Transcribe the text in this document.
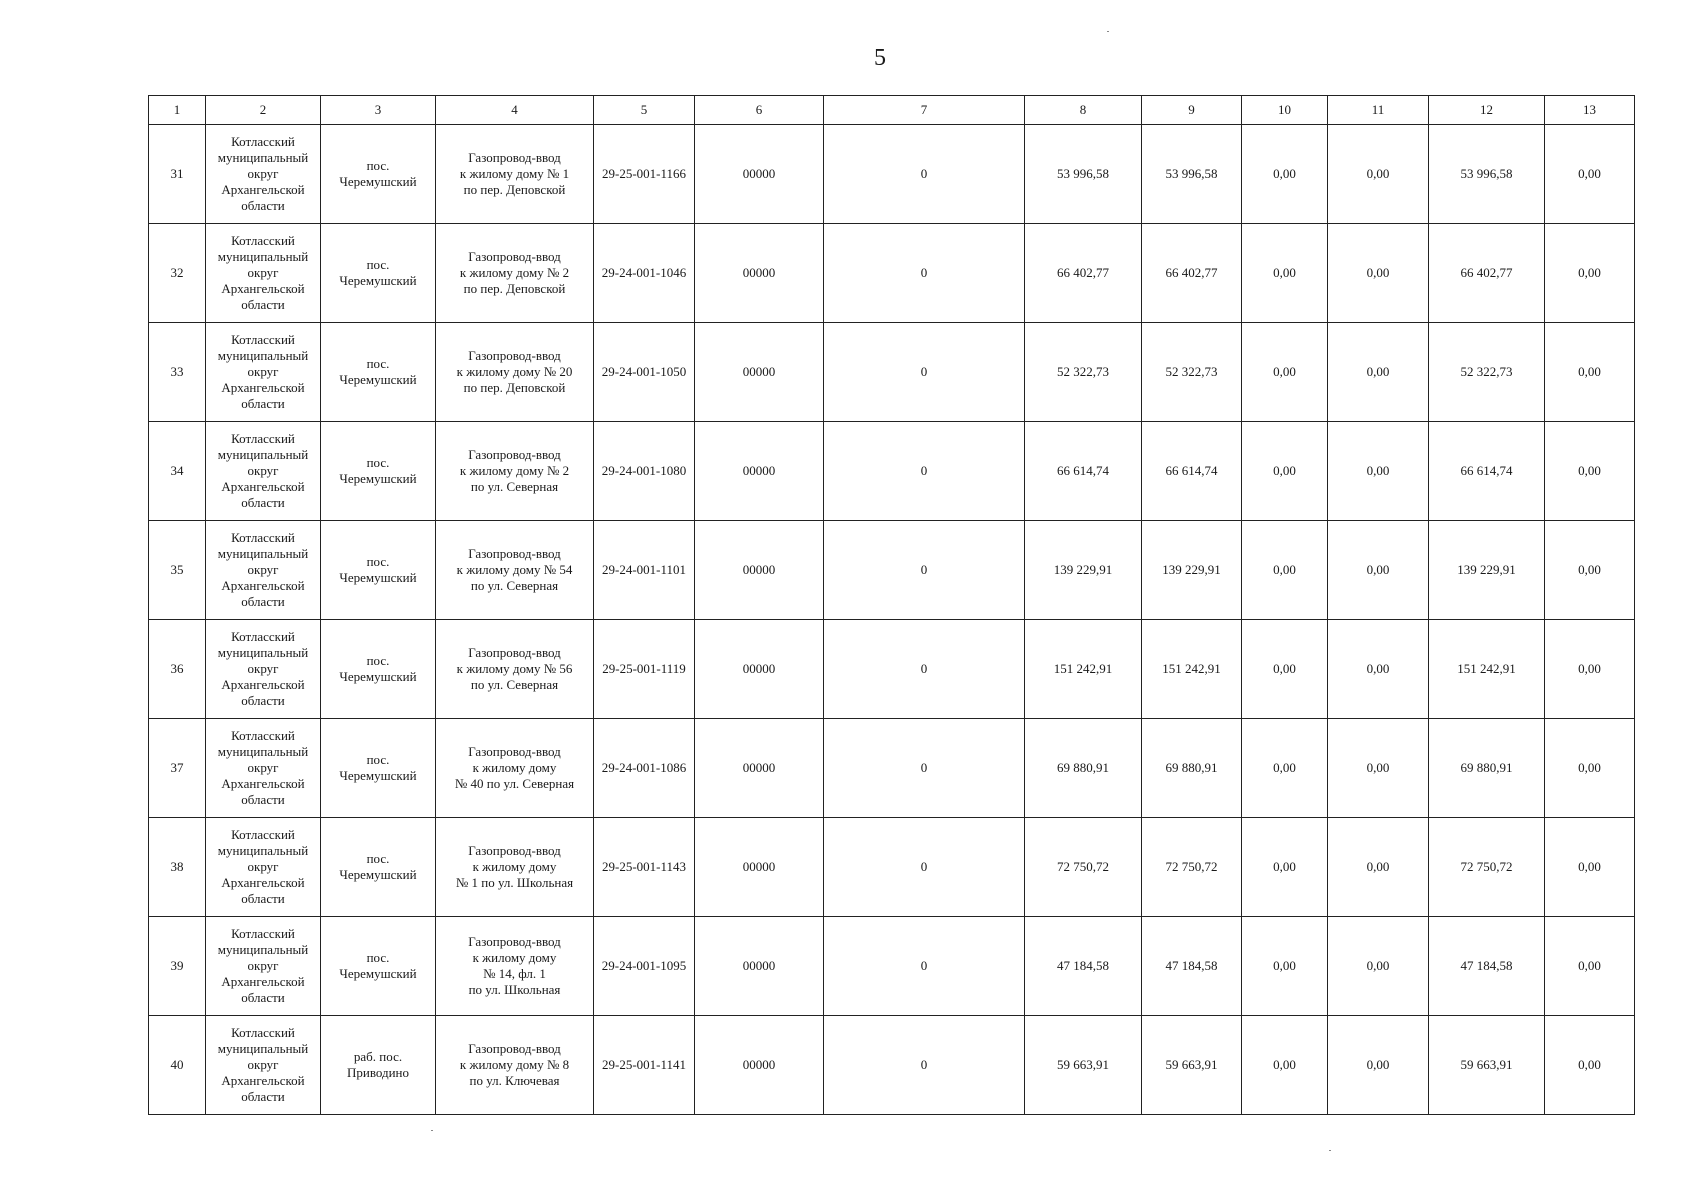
5
1	2	3	4	5	6	7	8	9	10	11	12	13

31	Котласский
муниципальный
округ
Архангельской
области	пос.
Черемушский	Газопровод-ввод
к жилому дому № 1
по пер. Деповской	29-25-001-1166	00000	0	53 996,58	53 996,58	0,00	0,00	53 996,58	0,00

32	Котласский
муниципальный
округ
Архангельской
области	пос.
Черемушский	Газопровод-ввод
к жилому дому № 2
по пер. Деповской	29-24-001-1046	00000	0	66 402,77	66 402,77	0,00	0,00	66 402,77	0,00

33	Котласский
муниципальный
округ
Архангельской
области	пос.
Черемушский	Газопровод-ввод
к жилому дому № 20
по пер. Деповской	29-24-001-1050	00000	0	52 322,73	52 322,73	0,00	0,00	52 322,73	0,00

34	Котласский
муниципальный
округ
Архангельской
области	пос.
Черемушский	Газопровод-ввод
к жилому дому № 2
по ул. Северная	29-24-001-1080	00000	0	66 614,74	66 614,74	0,00	0,00	66 614,74	0,00

35	Котласский
муниципальный
округ
Архангельской
области	пос.
Черемушский	Газопровод-ввод
к жилому дому № 54
по ул. Северная	29-24-001-1101	00000	0	139 229,91	139 229,91	0,00	0,00	139 229,91	0,00

36	Котласский
муниципальный
округ
Архангельской
области	пос.
Черемушский	Газопровод-ввод
к жилому дому № 56
по ул. Северная	29-25-001-1119	00000	0	151 242,91	151 242,91	0,00	0,00	151 242,91	0,00

37	Котласский
муниципальный
округ
Архангельской
области	пос.
Черемушский	Газопровод-ввод
к жилому дому
№ 40 по ул. Северная	29-24-001-1086	00000	0	69 880,91	69 880,91	0,00	0,00	69 880,91	0,00

38	Котласский
муниципальный
округ
Архангельской
области	пос.
Черемушский	Газопровод-ввод
к жилому дому
№ 1 по ул. Школьная	29-25-001-1143	00000	0	72 750,72	72 750,72	0,00	0,00	72 750,72	0,00

39	Котласский
муниципальный
округ
Архангельской
области	пос.
Черемушский	Газопровод-ввод
к жилому дому
№ 14, фл. 1
по ул. Школьная	29-24-001-1095	00000	0	47 184,58	47 184,58	0,00	0,00	47 184,58	0,00

40	Котласский
муниципальный
округ
Архангельской
области	раб. пос.
Приводино	Газопровод-ввод
к жилому дому № 8
по ул. Ключевая	29-25-001-1141	00000	0	59 663,91	59 663,91	0,00	0,00	59 663,91	0,00
